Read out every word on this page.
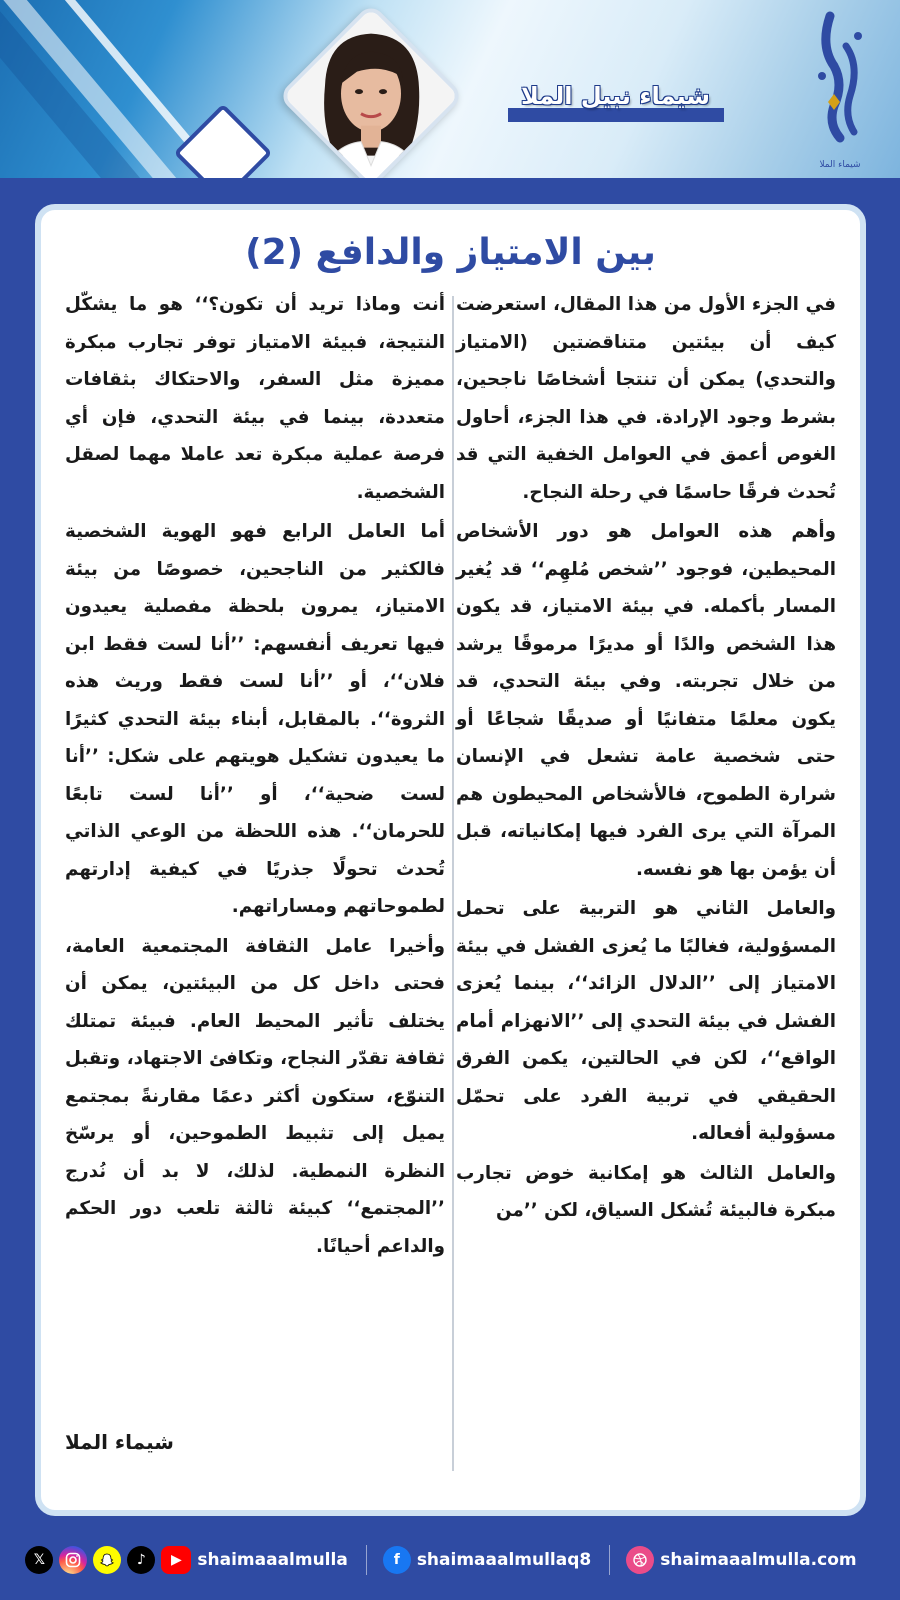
شيماء نبيل الملا
شيماء الملا
بين الامتياز والدافع (2)

في الجزء الأول من هذا المقال، استعرضت كيف أن بيئتين متناقضتين (الامتياز والتحدي) يمكن أن تنتجا أشخاصًا ناجحين، بشرط وجود الإرادة. في هذا الجزء، أحاول الغوص أعمق في العوامل الخفية التي قد تُحدث فرقًا حاسمًا في رحلة النجاح.

وأهم هذه العوامل هو دور الأشخاص المحيطين، فوجود ’’شخص مُلهِم‘‘ قد يُغير المسار بأكمله. في بيئة الامتياز، قد يكون هذا الشخص والدًا أو مديرًا مرموقًا يرشد من خلال تجربته. وفي بيئة التحدي، قد يكون معلمًا متفانيًا أو صديقًا شجاعًا أو حتى شخصية عامة تشعل في الإنسان شرارة الطموح، فالأشخاص المحيطون هم المرآة التي يرى الفرد فيها إمكانياته، قبل أن يؤمن بها هو نفسه.

والعامل الثاني هو التربية على تحمل المسؤولية، فغالبًا ما يُعزى الفشل في بيئة الامتياز إلى ’’الدلال الزائد‘‘، بينما يُعزى الفشل في بيئة التحدي إلى ’’الانهزام أمام الواقع‘‘، لكن في الحالتين، يكمن الفرق الحقيقي في تربية الفرد على تحمّل مسؤولية أفعاله.

والعامل الثالث هو إمكانية خوض تجارب مبكرة فالبيئة تُشكل السياق، لكن ’’من

أنت وماذا تريد أن تكون؟‘‘ هو ما يشكّل النتيجة، فبيئة الامتياز توفر تجارب مبكرة مميزة مثل السفر، والاحتكاك بثقافات متعددة، بينما في بيئة التحدي، فإن أي فرصة عملية مبكرة تعد عاملا مهما لصقل الشخصية.

أما العامل الرابع فهو الهوية الشخصية فالكثير من الناجحين، خصوصًا من بيئة الامتياز، يمرون بلحظة مفصلية يعيدون فيها تعريف أنفسهم: ’’أنا لست فقط ابن فلان‘‘، أو ’’أنا لست فقط وريث هذه الثروة‘‘. بالمقابل، أبناء بيئة التحدي كثيرًا ما يعيدون تشكيل هويتهم على شكل: ’’أنا لست ضحية‘‘، أو ’’أنا لست تابعًا للحرمان‘‘. هذه اللحظة من الوعي الذاتي تُحدث تحولًا جذريًا في كيفية إدارتهم لطموحاتهم ومساراتهم.

وأخيرا عامل الثقافة المجتمعية العامة، فحتى داخل كل من البيئتين، يمكن أن يختلف تأثير المحيط العام. فبيئة تمتلك ثقافة تقدّر النجاح، وتكافئ الاجتهاد، وتقبل التنوّع، ستكون أكثر دعمًا مقارنةً بمجتمع يميل إلى تثبيط الطموحين، أو يرسّخ النظرة النمطية. لذلك، لا بد أن نُدرج ’’المجتمع‘‘ كبيئة ثالثة تلعب دور الحكم والداعم أحيانًا.

شيماء الملا
𝕏	♪	▶ shaimaaalmulla	f shaimaaalmullaq8	shaimaaalmulla.com
